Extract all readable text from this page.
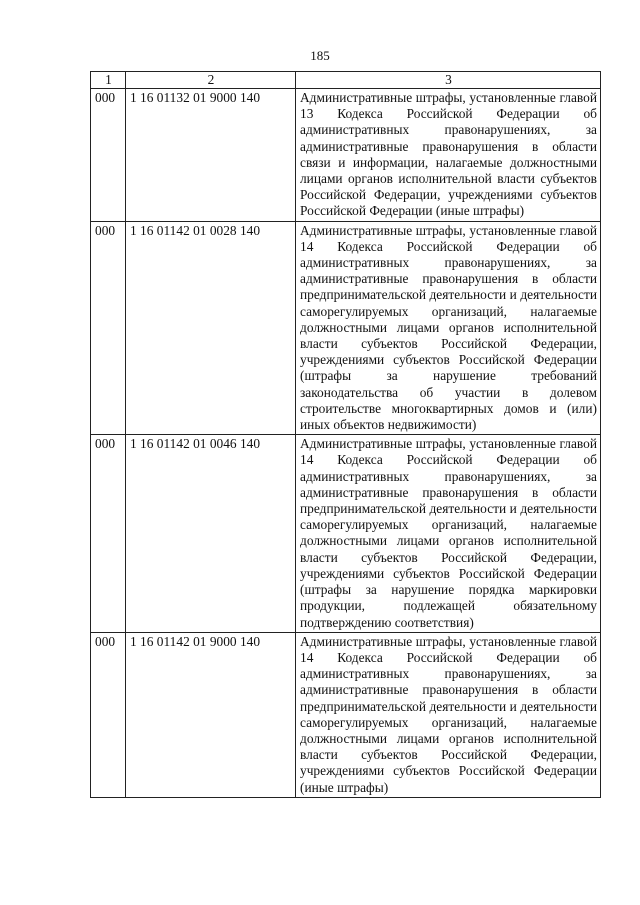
185
1	2	3
000	1 16 01132 01 9000 140	Административные штрафы, установленные главой 13 Кодекса Российской Федерации об административных правонарушениях, за административные правонарушения в области связи и информации, налагаемые должностными лицами органов исполнительной власти субъектов Российской Федерации, учреждениями субъектов Российской Федерации (иные штрафы)
000	1 16 01142 01 0028 140	Административные штрафы, установленные главой 14 Кодекса Российской Федерации об административных правонарушениях, за административные правонарушения в области предпринимательской деятельности и деятельности саморегулируемых организаций, налагаемые должностными лицами органов исполнительной власти субъектов Российской Федерации, учреждениями субъектов Российской Федерации (штрафы за нарушение требований законодательства об участии в долевом строительстве многоквартирных домов и (или) иных объектов недвижимости)
000	1 16 01142 01 0046 140	Административные штрафы, установленные главой 14 Кодекса Российской Федерации об административных правонарушениях, за административные правонарушения в области предпринимательской деятельности и деятельности саморегулируемых организаций, налагаемые должностными лицами органов исполнительной власти субъектов Российской Федерации, учреждениями субъектов Российской Федерации (штрафы за нарушение порядка маркировки продукции, подлежащей обязательному подтверждению соответствия)
000	1 16 01142 01 9000 140	Административные штрафы, установленные главой 14 Кодекса Российской Федерации об административных правонарушениях, за административные правонарушения в области предпринимательской деятельности и деятельности саморегулируемых организаций, налагаемые должностными лицами органов исполнительной власти субъектов Российской Федерации, учреждениями субъектов Российской Федерации (иные штрафы)
